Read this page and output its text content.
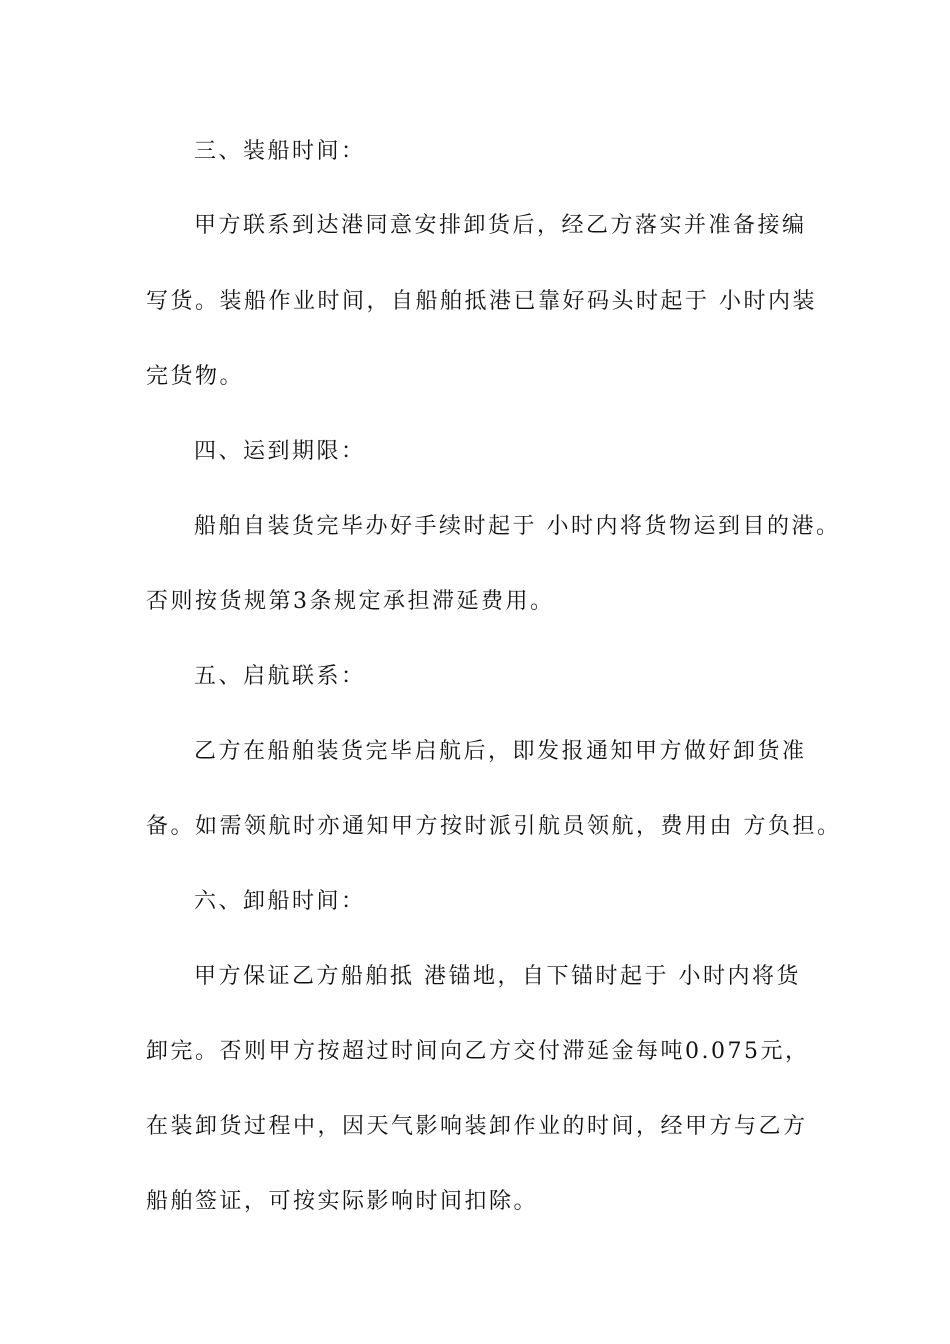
三、装船时间：
甲方联系到达港同意安排卸货后，经乙方落实并准备接编
写货。装船作业时间，自船舶抵港已靠好码头时起于 小时内装
完货物。
四、运到期限：
船舶自装货完毕办好手续时起于 小时内将货物运到目的港。
否则按货规第3条规定承担滞延费用。
五、启航联系：
乙方在船舶装货完毕启航后，即发报通知甲方做好卸货准
备。如需领航时亦通知甲方按时派引航员领航，费用由 方负担。
六、卸船时间：
甲方保证乙方船舶抵 港锚地，自下锚时起于 小时内将货
卸完。否则甲方按超过时间向乙方交付滞延金每吨0.075元，
在装卸货过程中，因天气影响装卸作业的时间，经甲方与乙方
船舶签证，可按实际影响时间扣除。
